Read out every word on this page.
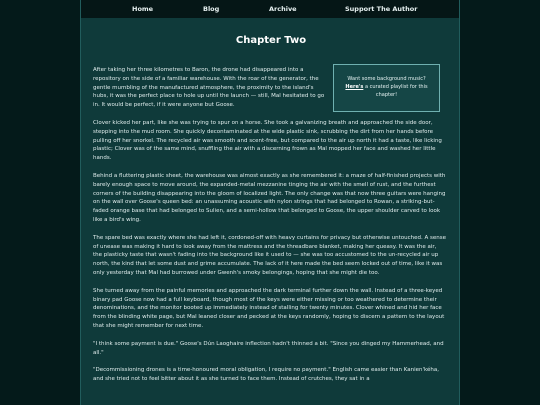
Home	Blog	Archive	Support The Author
Chapter Two
Want some background music?
Here's a curated playlist for this chapter!

After taking her three kilometres to Baron, the drone had disappeared into a repository on the side of a familiar warehouse. With the roar of the generator, the gentle mumbling of the manufactured atmosphere, the proximity to the island's hubs, it was the perfect place to hole up until the launch — still, Mal hesitated to go in. It would be perfect, if it were anyone but Goose.

Clover kicked her part, like she was trying to spur on a horse. She took a galvanizing breath and approached the side door, stepping into the mud room. She quickly decontaminated at the wide plastic sink, scrubbing the dirt from her hands before pulling off her snorkel. The recycled air was smooth and scent-free, but compared to the air up north it had a taste, like licking plastic; Clover was of the same mind, snuffling the air with a discerning frown as Mal mopped her face and washed her little hands.

Behind a fluttering plastic sheet, the warehouse was almost exactly as she remembered it: a maze of half-finished projects with barely enough space to move around, the expanded-metal mezzanine tinging the air with the smell of rust, and the furthest corners of the building disappearing into the gloom of localized light. The only change was that now three guitars were hanging on the wall over Goose's queen bed: an unassuming acoustic with nylon strings that had belonged to Rowan, a striking-but-faded orange base that had belonged to Sulien, and a semi-hollow that belonged to Goose, the upper shoulder carved to look like a bird's wing.

The spare bed was exactly where she had left it, cordoned-off with heavy curtains for privacy but otherwise untouched. A sense of unease was making it hard to look away from the mattress and the threadbare blanket, making her queasy. It was the air, the plasticky taste that wasn't fading into the background like it used to — she was too accustomed to the un-recycled air up north, the kind that let some dust and grime accumulate. The lack of it here made the bed seem locked out of time, like it was only yesterday that Mal had burrowed under Gwenh's smoky belongings, hoping that she might die too.

She turned away from the painful memories and approached the dark terminal further down the wall. Instead of a three-keyed binary pad Goose now had a full keyboard, though most of the keys were either missing or too weathered to determine their denominations, and the monitor booted up immediately instead of stalling for twenty minutes. Clover whined and hid her face from the blinding white page, but Mal leaned closer and pecked at the keys randomly, hoping to discern a pattern to the layout that she might remember for next time.

"I think some payment is due." Goose's Dún Laoghaire inflection hadn't thinned a bit. "Since you dinged my Hammerhead, and all."

"Decommissioning drones is a time-honoured moral obligation, I require no payment." English came easier than Kanien'kéha, and she tried not to feel bitter about it as she turned to face them. Instead of crutches, they sat in a
